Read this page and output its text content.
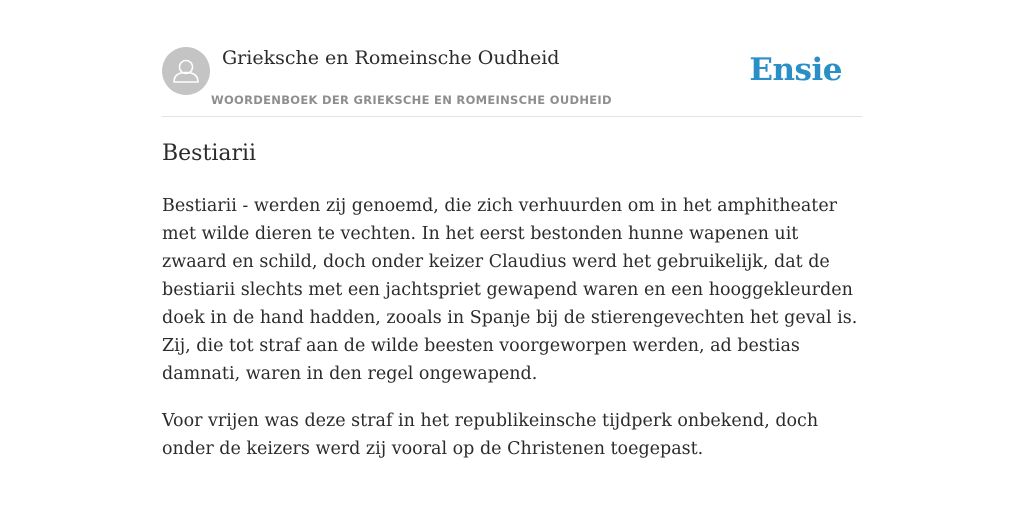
Grieksche en Romeinsche Oudheid
WOORDENBOEK DER GRIEKSCHE EN ROMEINSCHE OUDHEID
Ensie
Bestiarii

Bestiarii - werden zij genoemd, die zich verhuurden om in het amphitheater met wilde dieren te vechten. In het eerst bestonden hunne wapenen uit zwaard en schild, doch onder keizer Claudius werd het gebruikelijk, dat de bestiarii slechts met een jachtspriet gewapend waren en een hooggekleurden doek in de hand hadden, zooals in Spanje bij de stierengevechten het geval is. Zij, die tot straf aan de wilde beesten voorgeworpen werden, ad bestias damnati, waren in den regel ongewapend.

Voor vrijen was deze straf in het republikeinsche tijdperk onbekend, doch onder de keizers werd zij vooral op de Christenen toegepast.
